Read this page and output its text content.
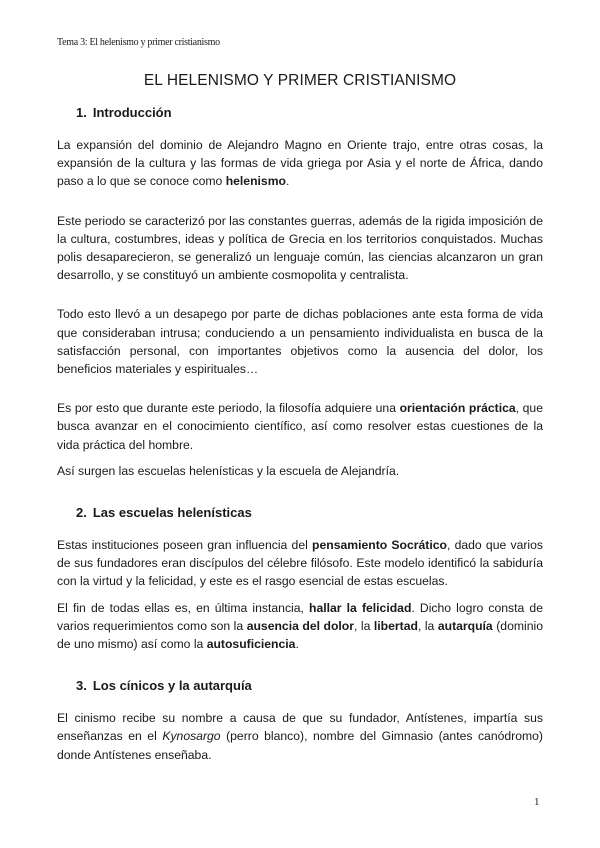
Tema 3: El helenismo y primer cristianismo
EL HELENISMO Y PRIMER CRISTIANISMO
1. Introducción

La expansión del dominio de Alejandro Magno en Oriente trajo, entre otras cosas, la expansión de la cultura y las formas de vida griega por Asia y el norte de África, dando paso a lo que se conoce como helenismo.

Este periodo se caracterizó por las constantes guerras, además de la rigida imposición de la cultura, costumbres, ideas y política de Grecia en los territorios conquistados. Muchas polis desaparecieron, se generalizó un lenguaje común, las ciencias alcanzaron un gran desarrollo, y se constituyó un ambiente cosmopolita y centralista.

Todo esto llevó a un desapego por parte de dichas poblaciones ante esta forma de vida que consideraban intrusa; conduciendo a un pensamiento individualista en busca de la satisfacción personal, con importantes objetivos como la ausencia del dolor, los beneficios materiales y espirituales…

Es por esto que durante este periodo, la filosofía adquiere una orientación práctica, que busca avanzar en el conocimiento científico, así como resolver estas cuestiones de la vida práctica del hombre.

Así surgen las escuelas helenísticas y la escuela de Alejandría.

2. Las escuelas helenísticas

Estas instituciones poseen gran influencia del pensamiento Socrático, dado que varios de sus fundadores eran discípulos del célebre filósofo. Este modelo identificó la sabiduría con la virtud y la felicidad, y este es el rasgo esencial de estas escuelas.

El fin de todas ellas es, en última instancia, hallar la felicidad. Dicho logro consta de varios requerimientos como son la ausencia del dolor, la libertad, la autarquía (dominio de uno mismo) así como la autosuficiencia.

3. Los cínicos y la autarquía

El cinismo recibe su nombre a causa de que su fundador, Antístenes, impartía sus enseñanzas en el Kynosargo (perro blanco), nombre del Gimnasio (antes canódromo) donde Antístenes enseñaba.

1
